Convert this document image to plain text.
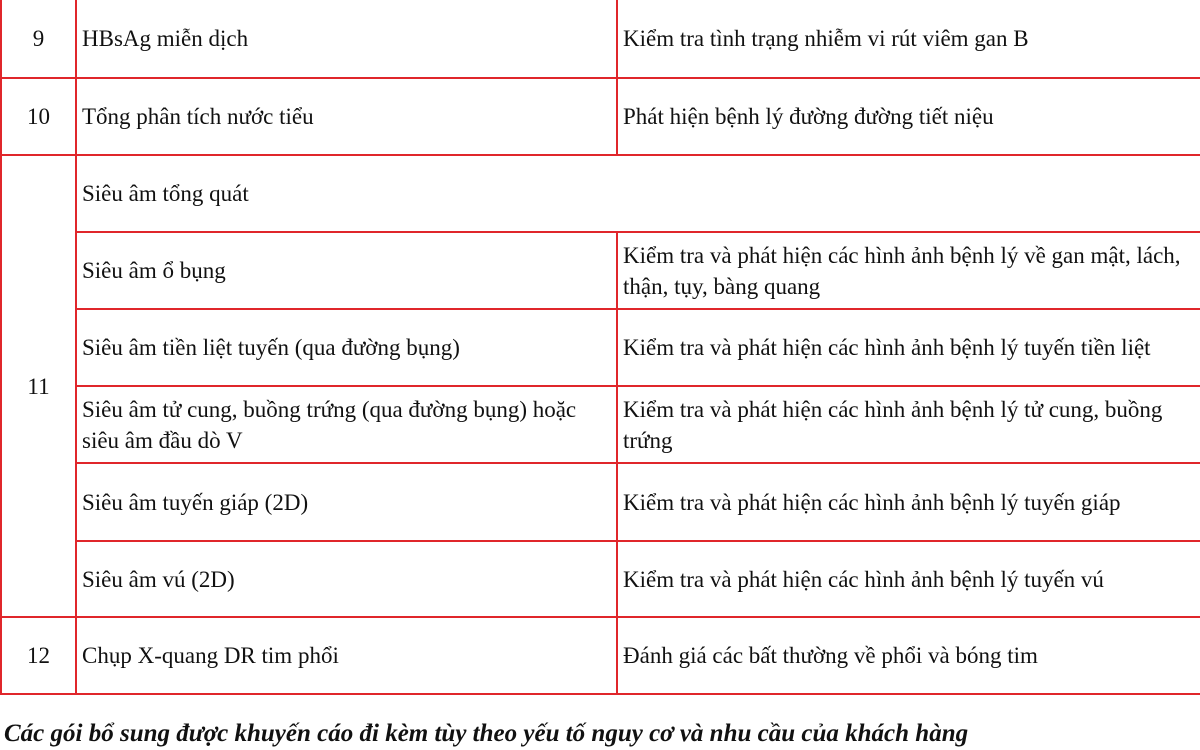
9	HBsAg miễn dịch	Kiểm tra tình trạng nhiễm vi rút viêm gan B
10	Tổng phân tích nước tiểu	Phát hiện bệnh lý đường đường tiết niệu
11	Siêu âm tổng quát	
	Siêu âm ổ bụng	Kiểm tra và phát hiện các hình ảnh bệnh lý về gan mật, lách, thận, tụy, bàng quang
	Siêu âm tiền liệt tuyến (qua đường bụng)	Kiểm tra và phát hiện các hình ảnh bệnh lý tuyến tiền liệt
	Siêu âm tử cung, buồng trứng (qua đường bụng) hoặc siêu âm đầu dò V	Kiểm tra và phát hiện các hình ảnh bệnh lý tử cung, buồng trứng
	Siêu âm tuyến giáp (2D)	Kiểm tra và phát hiện các hình ảnh bệnh lý tuyến giáp
	Siêu âm vú (2D)	Kiểm tra và phát hiện các hình ảnh bệnh lý tuyến vú
12	Chụp X-quang DR tim phổi	Đánh giá các bất thường về phổi và bóng tim
Các gói bổ sung được khuyến cáo đi kèm tùy theo yếu tố nguy cơ và nhu cầu của khách hàng
